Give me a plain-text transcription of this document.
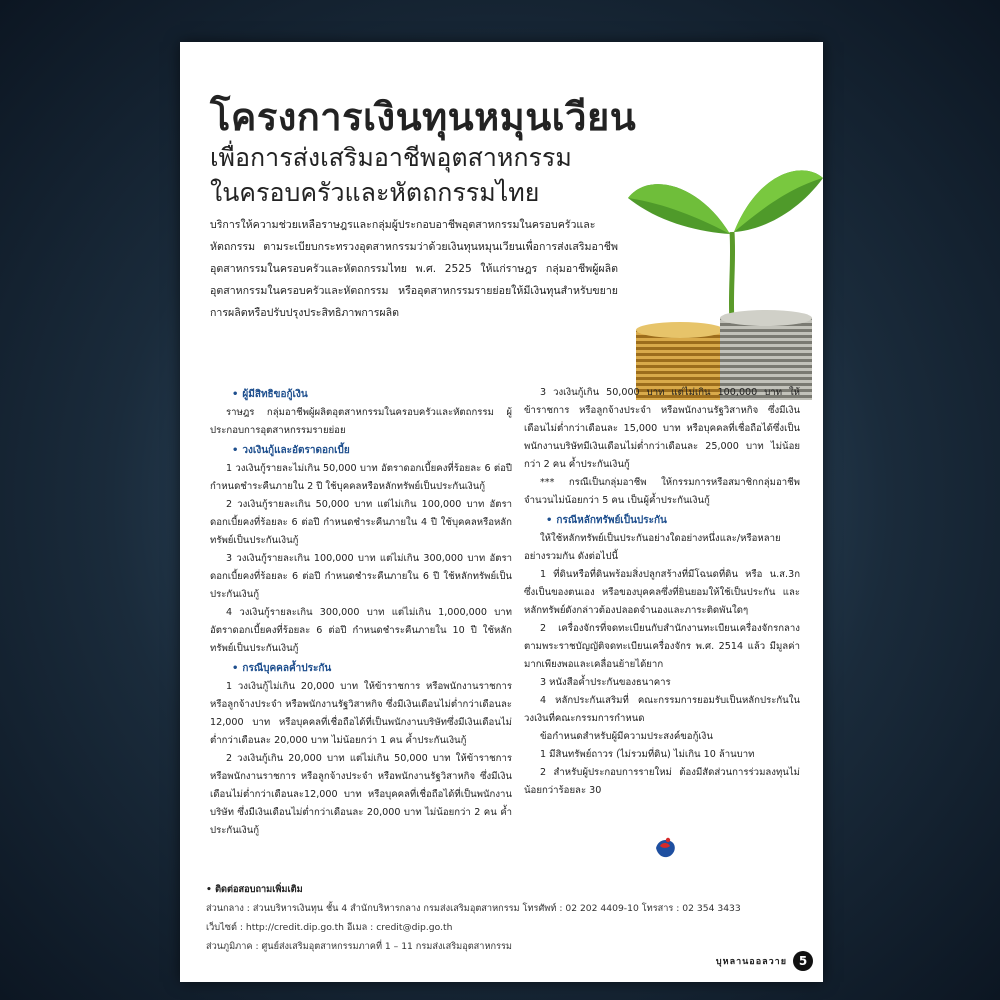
โครงการเงินทุนหมุนเวียน
เพื่อการส่งเสริมอาชีพอุตสาหกรรม
ในครอบครัวและหัตถกรรมไทย

บริการให้ความช่วยเหลือราษฎรและกลุ่มผู้ประกอบอาชีพอุตสาหกรรมในครอบครัวและหัตถกรรม ตามระเบียบกระทรวงอุตสาหกรรมว่าด้วยเงินทุนหมุนเวียนเพื่อการส่งเสริมอาชีพอุตสาหกรรมในครอบครัวและหัตถกรรมไทย พ.ศ. 2525 ให้แก่ราษฎร กลุ่มอาชีพผู้ผลิตอุตสาหกรรมในครอบครัวและหัตถกรรม หรืออุตสาหกรรมรายย่อยให้มีเงินทุนสำหรับขยายการผลิตหรือปรับปรุงประสิทธิภาพการผลิต

• ผู้มีสิทธิขอกู้เงิน

ราษฎร กลุ่มอาชีพผู้ผลิตอุตสาหกรรมในครอบครัวและหัตถกรรม ผู้ประกอบการอุตสาหกรรมรายย่อย

• วงเงินกู้และอัตราดอกเบี้ย

1 วงเงินกู้รายละไม่เกิน 50,000 บาท อัตราดอกเบี้ยคงที่ร้อยละ 6 ต่อปี กำหนดชำระคืนภายใน 2 ปี ใช้บุคคลหรือหลักทรัพย์เป็นประกันเงินกู้

2 วงเงินกู้รายละเกิน 50,000 บาท แต่ไม่เกิน 100,000 บาท อัตราดอกเบี้ยคงที่ร้อยละ 6 ต่อปี กำหนดชำระคืนภายใน 4 ปี ใช้บุคคลหรือหลักทรัพย์เป็นประกันเงินกู้

3 วงเงินกู้รายละเกิน 100,000 บาท แต่ไม่เกิน 300,000 บาท อัตราดอกเบี้ยคงที่ร้อยละ 6 ต่อปี กำหนดชำระคืนภายใน 6 ปี ใช้หลักทรัพย์เป็นประกันเงินกู้

4 วงเงินกู้รายละเกิน 300,000 บาท แต่ไม่เกิน 1,000,000 บาท อัตราดอกเบี้ยคงที่ร้อยละ 6 ต่อปี กำหนดชำระคืนภายใน 10 ปี ใช้หลักทรัพย์เป็นประกันเงินกู้

• กรณีบุคคลค้ำประกัน

1 วงเงินกู้ไม่เกิน 20,000 บาท ให้ข้าราชการ หรือพนักงานราชการ หรือลูกจ้างประจำ หรือพนักงานรัฐวิสาหกิจ ซึ่งมีเงินเดือนไม่ต่ำกว่าเดือนละ 12,000 บาท หรือบุคคลที่เชื่อถือได้ที่เป็นพนักงานบริษัทซึ่งมีเงินเดือนไม่ต่ำกว่าเดือนละ 20,000 บาท ไม่น้อยกว่า 1 คน ค้ำประกันเงินกู้

2 วงเงินกู้เกิน 20,000 บาท แต่ไม่เกิน 50,000 บาท ให้ข้าราชการ หรือพนักงานราชการ หรือลูกจ้างประจำ หรือพนักงานรัฐวิสาหกิจ ซึ่งมีเงินเดือนไม่ต่ำกว่าเดือนละ12,000 บาท หรือบุคคลที่เชื่อถือได้ที่เป็นพนักงานบริษัท ซึ่งมีเงินเดือนไม่ต่ำกว่าเดือนละ 20,000 บาท ไม่น้อยกว่า 2 คน ค้ำประกันเงินกู้

3 วงเงินกู้เกิน 50,000 บาท แต่ไม่เกิน 100,000 บาท ให้ข้าราชการ หรือลูกจ้างประจำ หรือพนักงานรัฐวิสาหกิจ ซึ่งมีเงินเดือนไม่ต่ำกว่าเดือนละ 15,000 บาท หรือบุคคลที่เชื่อถือได้ซึ่งเป็นพนักงานบริษัทมีเงินเดือนไม่ต่ำกว่าเดือนละ 25,000 บาท ไม่น้อยกว่า 2 คน ค้ำประกันเงินกู้

*** กรณีเป็นกลุ่มอาชีพ ให้กรรมการหรือสมาชิกกลุ่มอาชีพ จำนวนไม่น้อยกว่า 5 คน เป็นผู้ค้ำประกันเงินกู้

• กรณีหลักทรัพย์เป็นประกัน

ให้ใช้หลักทรัพย์เป็นประกันอย่างใดอย่างหนึ่งและ/หรือหลายอย่างรวมกัน ดังต่อไปนี้

1 ที่ดินหรือที่ดินพร้อมสิ่งปลูกสร้างที่มีโฉนดที่ดิน หรือ น.ส.3ก ซึ่งเป็นของตนเอง หรือของบุคคลซึ่งที่ยินยอมให้ใช้เป็นประกัน และหลักทรัพย์ดังกล่าวต้องปลอดจำนองและภาระติดพันใดๆ

2 เครื่องจักรที่จดทะเบียนกับสำนักงานทะเบียนเครื่องจักรกลาง ตามพระราชบัญญัติจดทะเบียนเครื่องจักร พ.ศ. 2514 แล้ว มีมูลค่ามากเพียงพอและเคลื่อนย้ายได้ยาก

3 หนังสือค้ำประกันของธนาคาร

4 หลักประกันเสริมที่ คณะกรรมการยอมรับเป็นหลักประกันในวงเงินที่คณะกรรมการกำหนด

ข้อกำหนดสำหรับผู้มีความประสงค์ขอกู้เงิน

1 มีสินทรัพย์ถาวร (ไม่รวมที่ดิน) ไม่เกิน 10 ล้านบาท

2 สำหรับผู้ประกอบการรายใหม่ ต้องมีสัดส่วนการร่วมลงทุนไม่น้อยกว่าร้อยละ 30

• ติดต่อสอบถามเพิ่มเติม
ส่วนกลาง : ส่วนบริหารเงินทุน ชั้น 4 สำนักบริหารกลาง กรมส่งเสริมอุตสาหกรรม โทรศัพท์ : 02 202 4409-10 โทรสาร : 02 354 3433
เว็บไซต์ : http://credit.dip.go.th อีเมล : credit@dip.go.th
ส่วนภูมิภาค : ศูนย์ส่งเสริมอุตสาหกรรมภาคที่ 1 – 11 กรมส่งเสริมอุตสาหกรรม
บุหลานออลวาย 5
